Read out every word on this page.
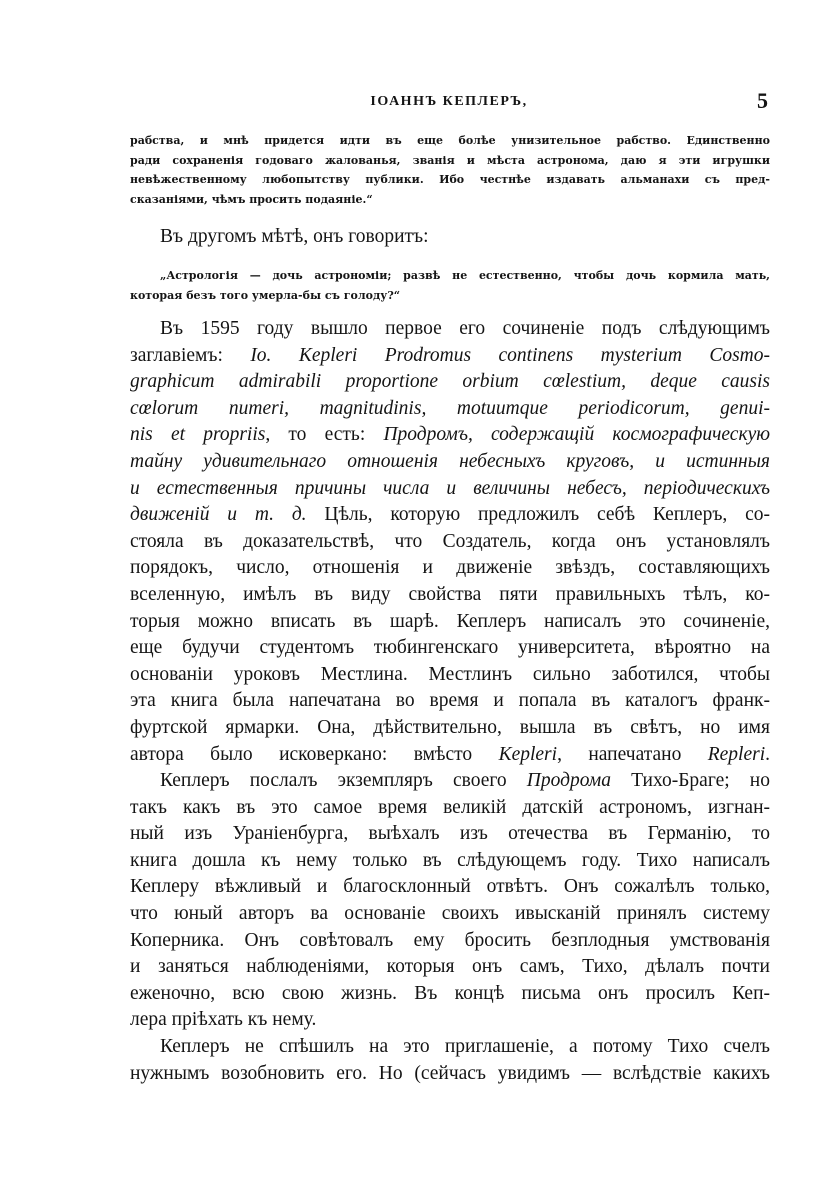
ІОАННЪ КЕПЛЕРЪ,	5
рабства, и мнѣ придется идти въ еще болѣе унизительное рабство. Единственно
ради сохраненія годоваго жалованья, званія и мѣста астронома, даю я эти игрушки
невѣжественному любопытству публики. Ибо честнѣе издавать альманахи съ пред-
сказаніями, чѣмъ просить подаяніе.“
Въ другомъ мѣтѣ, онъ говоритъ:
„Астрологія — дочь астрономіи; развѣ не естественно, чтобы дочь кормила мать,
которая безъ того умерла-бы съ голоду?“
Въ 1595 году вышло первое его сочиненіе подъ слѣдующимъ
заглавіемъ: Io. Kepleri Prodromus continens mysterium Cosmo-
graphicum admirabili proportione orbium cœlestium, deque causis
cœlorum numeri, magnitudinis, motuumque periodicorum, genui-
nis et propriis, то есть: Продромъ, содержащій космографическую
тайну удивительнаго отношенія небесныхъ круговъ, и истинныя
и естественныя причины числа и величины небесъ, періодическихъ
движеній и т. д. Цѣль, которую предложилъ себѣ Кеплеръ, со-
стояла въ доказательствѣ, что Создатель, когда онъ установлялъ
порядокъ, число, отношенія и движеніе звѣздъ, составляющихъ
вселенную, имѣлъ въ виду свойства пяти правильныхъ тѣлъ, ко-
торыя можно вписать въ шарѣ. Кеплеръ написалъ это сочиненіе,
еще будучи студентомъ тюбингенскаго университета, вѣроятно на
основаніи уроковъ Местлина. Местлинъ сильно заботился, чтобы
эта книга была напечатана во время и попала въ каталогъ франк-
фуртской ярмарки. Она, дѣйствительно, вышла въ свѣтъ, но имя
автора было исковеркано: вмѣсто Kepleri, напечатано Repleri.
Кеплеръ послалъ экземпляръ своего Продрома Тихо-Браге; но
такъ какъ въ это самое время великій датскій астрономъ, изгнан-
ный изъ Ураніенбурга, выѣхалъ изъ отечества въ Германію, то
книга дошла къ нему только въ слѣдующемъ году. Тихо написалъ
Кеплеру вѣжливый и благосклонный отвѣтъ. Онъ сожалѣлъ только,
что юный авторъ ва основаніе своихъ ивысканій принялъ систему
Коперника. Онъ совѣтовалъ ему бросить безплодныя умствованія
и заняться наблюденіями, которыя онъ самъ, Тихо, дѣлалъ почти
еженочно, всю свою жизнь. Въ концѣ письма онъ просилъ Кеп-
лера пріѣхать къ нему.
Кеплеръ не спѣшилъ на это приглашеніе, а потому Тихо счелъ
нужнымъ возобновить его. Но (сейчасъ увидимъ — вслѣдствіе какихъ
